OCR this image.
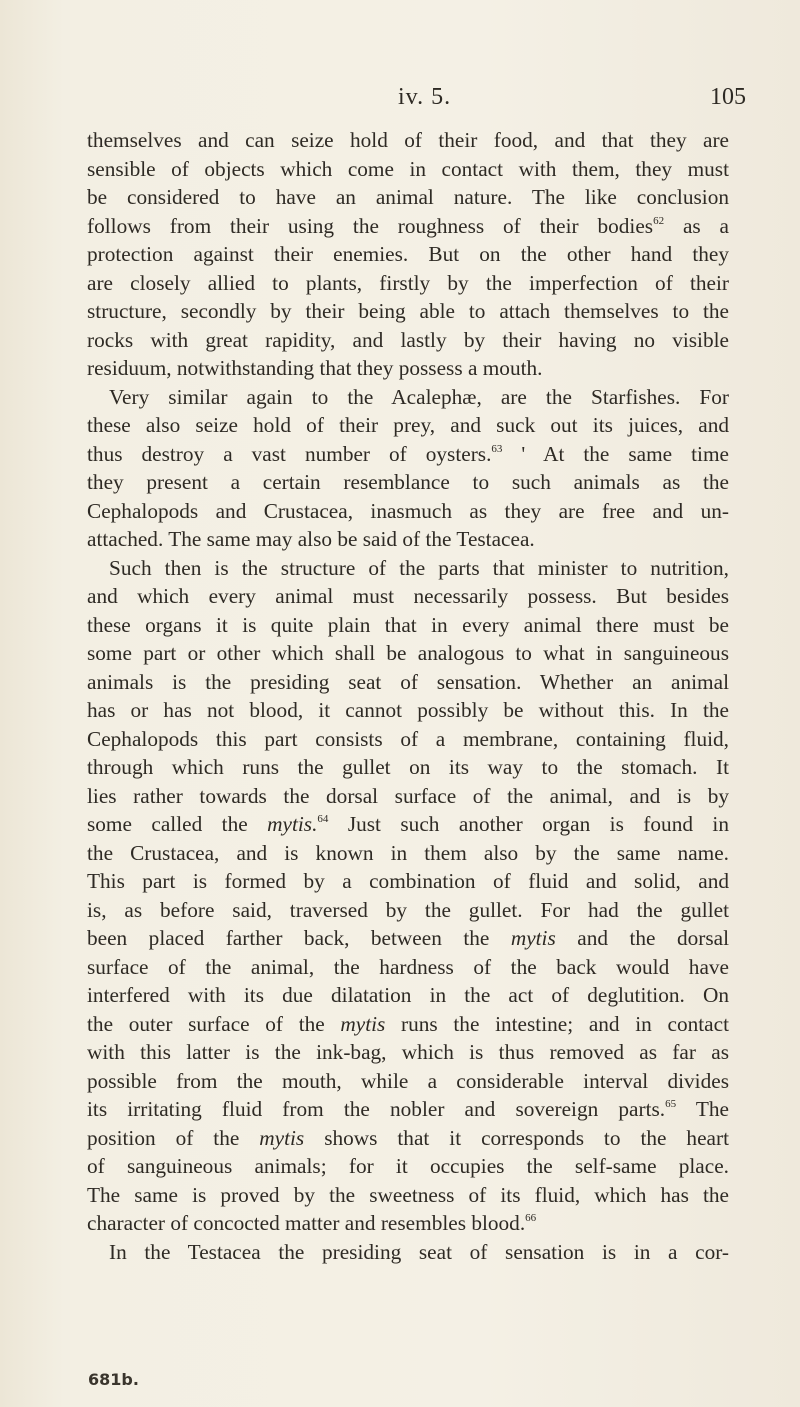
iv. 5.	105
themselves and can seize hold of their food, and that they are
sensible of objects which come in contact with them, they must
be considered to have an animal nature. The like conclusion
follows from their using the roughness of their bodies$^{62}$ as a
protection against their enemies. But on the other hand they
are closely allied to plants, firstly by the imperfection of their
structure, secondly by their being able to attach themselves to the
rocks with great rapidity, and lastly by their having no visible
residuum, notwithstanding that they possess a mouth.
Very similar again to the Acalephæ, are the Starfishes. For
these also seize hold of their prey, and suck out its juices, and
thus destroy a vast number of oysters.$^{63}$ ' At the same time
they present a certain resemblance to such animals as the
Cephalopods and Crustacea, inasmuch as they are free and un-
attached. The same may also be said of the Testacea.
Such then is the structure of the parts that minister to nutrition,
and which every animal must necessarily possess. But besides
these organs it is quite plain that in every animal there must be
some part or other which shall be analogous to what in sanguineous
animals is the presiding seat of sensation. Whether an animal
has or has not blood, it cannot possibly be without this. In the
Cephalopods this part consists of a membrane, containing fluid,
through which runs the gullet on its way to the stomach. It
lies rather towards the dorsal surface of the animal, and is by
some called the mytis.$^{64}$ Just such another organ is found in
the Crustacea, and is known in them also by the same name.
This part is formed by a combination of fluid and solid, and
is, as before said, traversed by the gullet. For had the gullet
been placed farther back, between the mytis and the dorsal
surface of the animal, the hardness of the back would have
interfered with its due dilatation in the act of deglutition. On
the outer surface of the mytis runs the intestine; and in contact
with this latter is the ink-bag, which is thus removed as far as
possible from the mouth, while a considerable interval divides
its irritating fluid from the nobler and sovereign parts.$^{65}$ The
position of the mytis shows that it corresponds to the heart
of sanguineous animals; for it occupies the self-same place.
The same is proved by the sweetness of its fluid, which has the
character of concocted matter and resembles blood.$^{66}$
In the Testacea the presiding seat of sensation is in a cor-
681b.
